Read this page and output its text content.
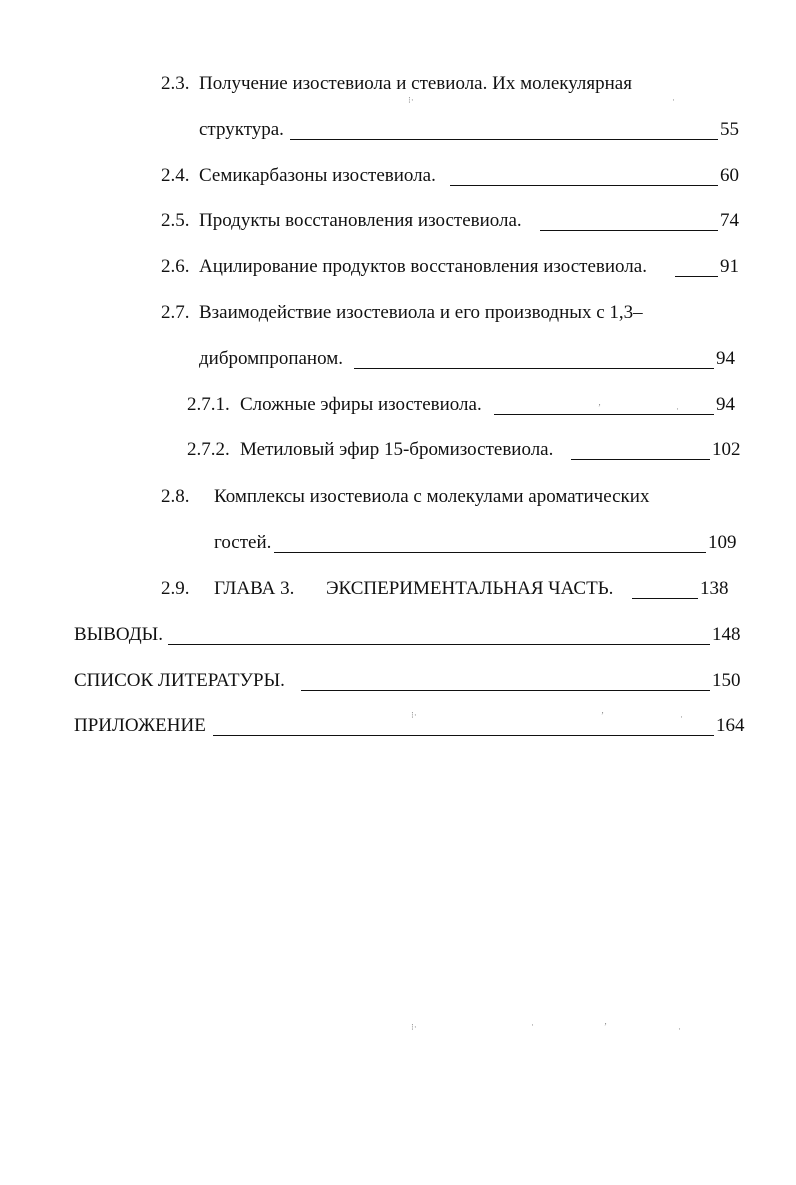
2.3. Получение изостевиола и стевиола. Их молекулярная
структура.	55
2.4. Семикарбазоны изостевиола.	60
2.5. Продукты восстановления изостевиола.	74
2.6. Ацилирование продуктов восстановления изостевиола.	91
2.7. Взаимодействие изостевиола и его производных с 1,3–
дибромпропаном.	94
2.7.1. Сложные эфиры изостевиола.	94
2.7.2. Метиловый эфир 15-бромизостевиола.	102
2.8. Комплексы изостевиола с молекулами ароматических
гостей.	109
2.9. ГЛАВА 3. ЭКСПЕРИМЕНТАЛЬНАЯ ЧАСТЬ.	138
ВЫВОДЫ.	148
СПИСОК ЛИТЕРАТУРЫ.	150
ПРИЛОЖЕНИЕ	164
⁝·	·
‚
·
⁝·	‚
·
⁝·	·	‚
·
